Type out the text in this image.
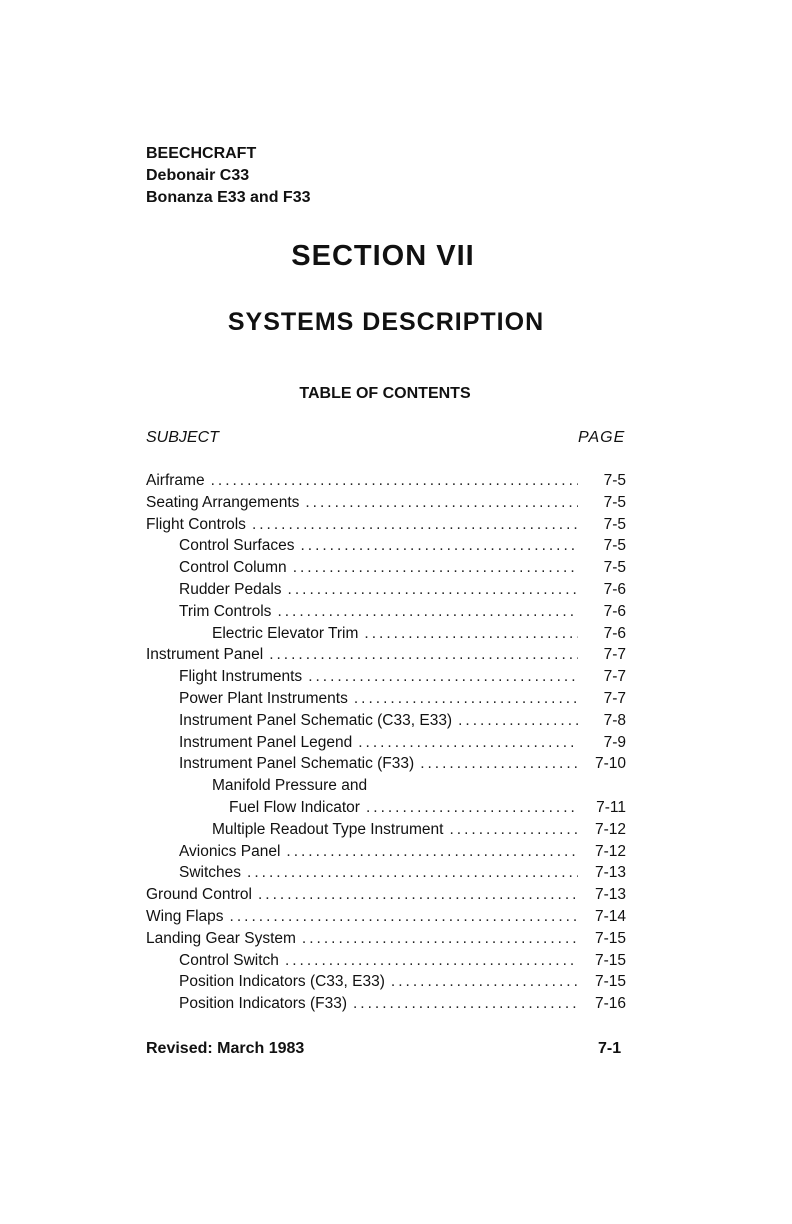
BEECHCRAFT
Debonair C33
Bonanza E33 and F33
SECTION VII
SYSTEMS DESCRIPTION
TABLE OF CONTENTS
SUBJECT	PAGE
Airframe .....	7-5
Seating Arrangements .....	7-5
Flight Controls .....	7-5
Control Surfaces .....	7-5
Control Column .....	7-5
Rudder Pedals .....	7-6
Trim Controls .....	7-6
Electric Elevator Trim .....	7-6
Instrument Panel .....	7-7
Flight Instruments .....	7-7
Power Plant Instruments .....	7-7
Instrument Panel Schematic (C33, E33) .....	7-8
Instrument Panel Legend .....	7-9
Instrument Panel Schematic (F33) .....	7-10
Manifold Pressure and
Fuel Flow Indicator .....	7-11
Multiple Readout Type Instrument .....	7-12
Avionics Panel .....	7-12
Switches .....	7-13
Ground Control .....	7-13
Wing Flaps .....	7-14
Landing Gear System .....	7-15
Control Switch .....	7-15
Position Indicators (C33, E33) .....	7-15
Position Indicators (F33) .....	7-16
Revised: March 1983	7-1
